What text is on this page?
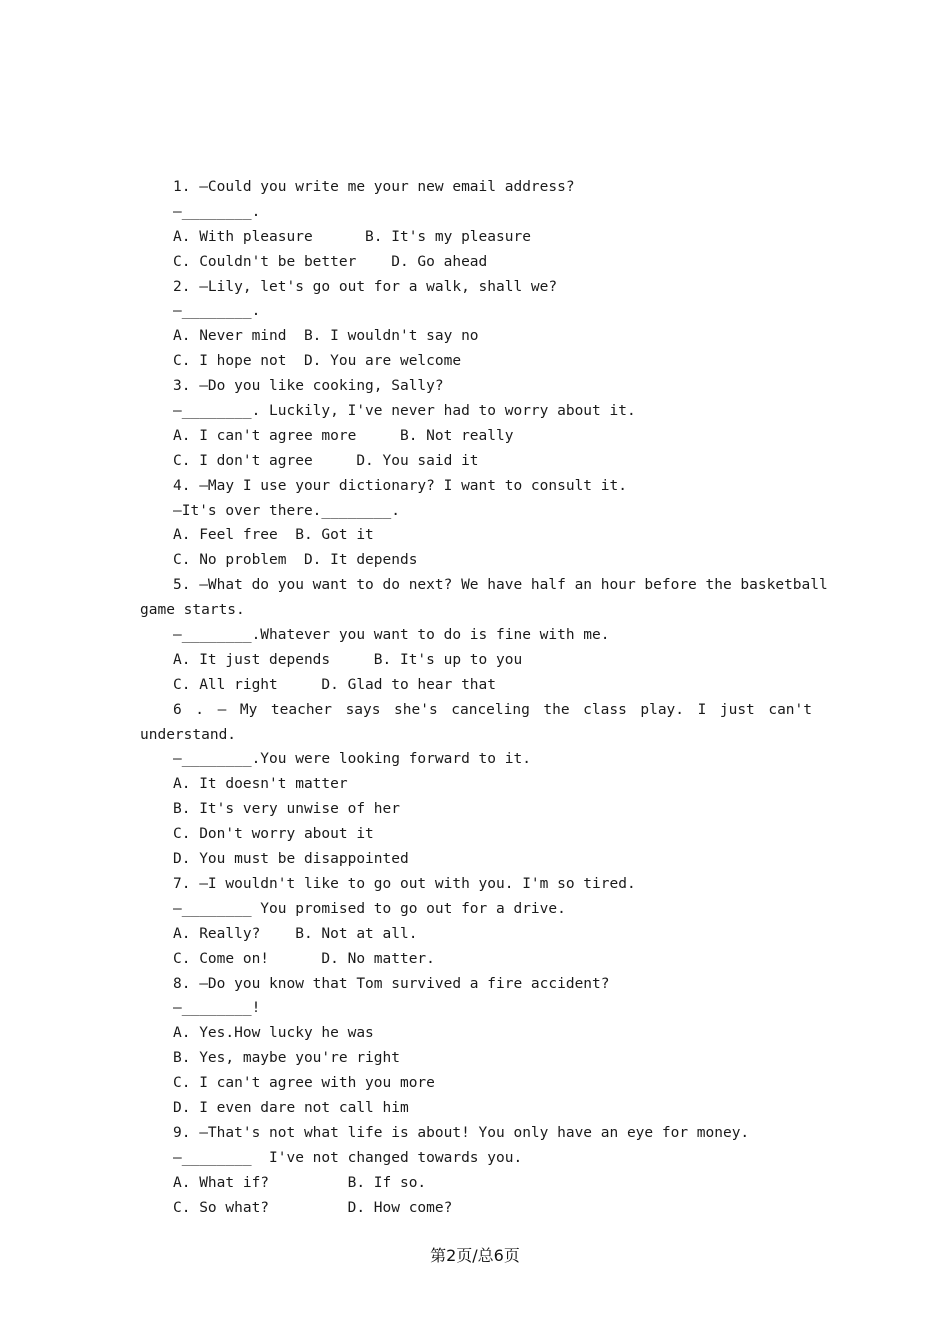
1. —Could you write me your new email address?
—________.
A. With pleasure      B. It's my pleasure
C. Couldn't be better    D. Go ahead
2. —Lily, let's go out for a walk, shall we?
—________.
A. Never mind  B. I wouldn't say no
C. I hope not  D. You are welcome
3. —Do you like cooking, Sally?
—________. Luckily, I've never had to worry about it.
A. I can't agree more     B. Not really
C. I don't agree     D. You said it
4. —May I use your dictionary? I want to consult it.
—It's over there.________.
A. Feel free  B. Got it
C. No problem  D. It depends
5. —What do you want to do next? We have half an hour before the basketball
game starts.
—________.Whatever you want to do is fine with me.
A. It just depends     B. It's up to you
C. All right     D. Glad to hear that
6 . — My teacher says she's canceling the class play. I just can't
understand.
—________.You were looking forward to it.
A. It doesn't matter
B. It's very unwise of her
C. Don't worry about it
D. You must be disappointed
7. —I wouldn't like to go out with you. I'm so tired.
—________ You promised to go out for a drive.
A. Really?    B. Not at all.
C. Come on!      D. No matter.
8. —Do you know that Tom survived a fire accident?
—________!
A. Yes.How lucky he was
B. Yes, maybe you're right
C. I can't agree with you more
D. I even dare not call him
9. —That's not what life is about! You only have an eye for money.
—________  I've not changed towards you.
A. What if?         B. If so.
C. So what?         D. How come?
第2页/总6页
